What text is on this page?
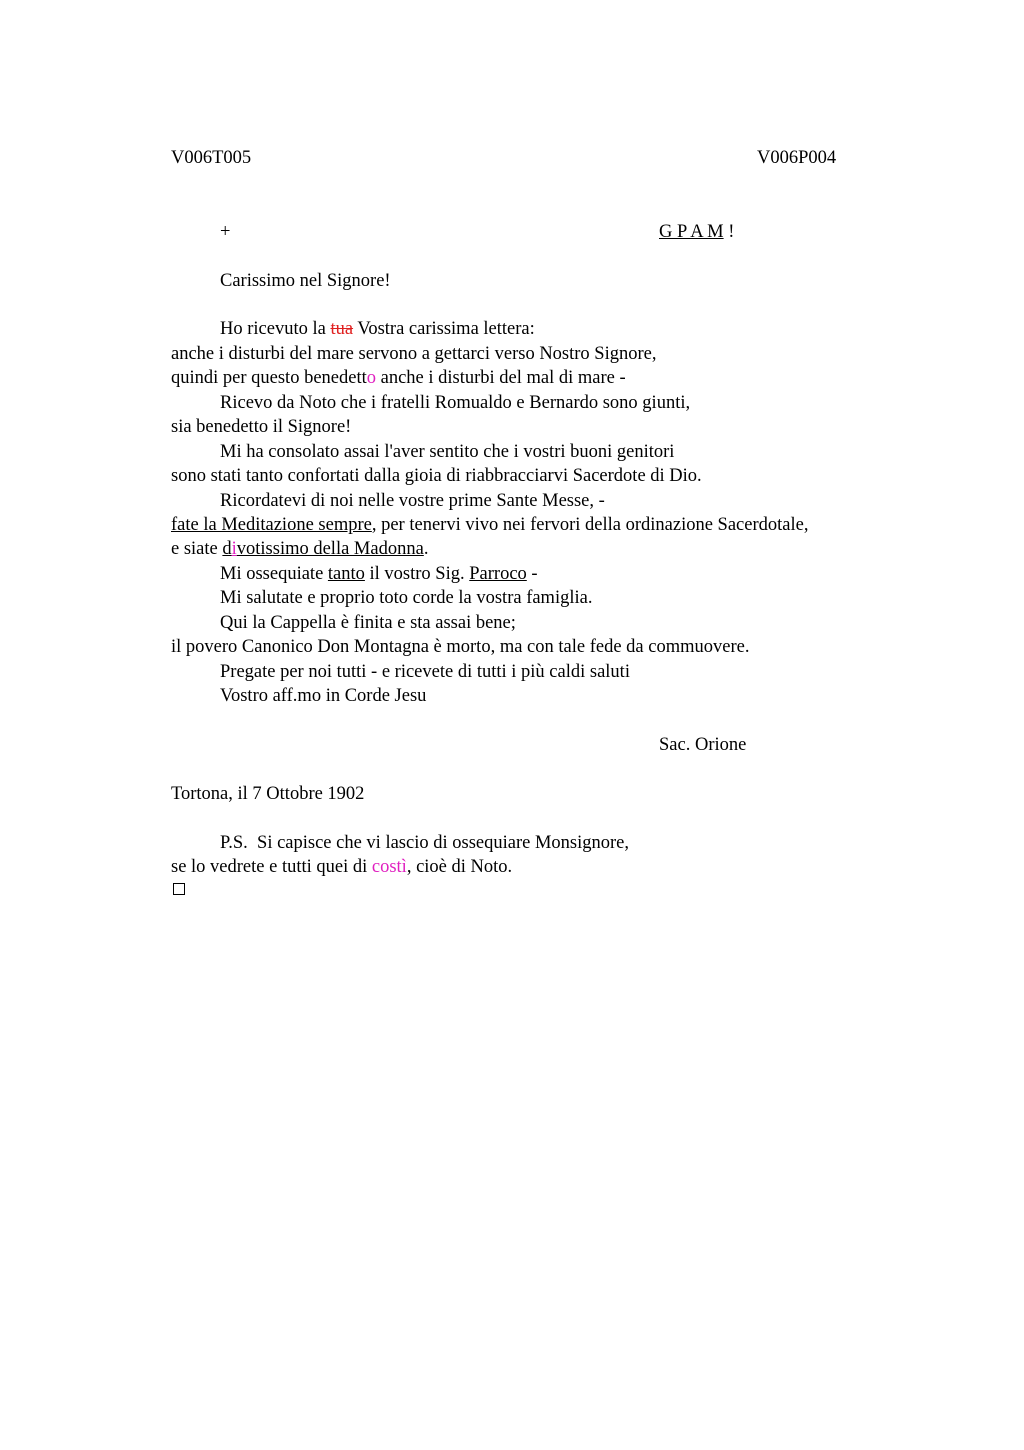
V006T005	V006P004
+	G P A M !
Carissimo nel Signore!
Ho ricevuto la tua Vostra carissima lettera:
anche i disturbi del mare servono a gettarci verso Nostro Signore,
quindi per questo benedetto anche i disturbi del mal di mare -
Ricevo da Noto che i fratelli Romualdo e Bernardo sono giunti,
sia benedetto il Signore!
Mi ha consolato assai l'aver sentito che i vostri buoni genitori
sono stati tanto confortati dalla gioia di riabbracciarvi Sacerdote di Dio.
Ricordatevi di noi nelle vostre prime Sante Messe, -
fate la Meditazione sempre, per tenervi vivo nei fervori della ordinazione Sacerdotale,
e siate divotissimo della Madonna.
Mi ossequiate tanto il vostro Sig. Parroco -
Mi salutate e proprio toto corde la vostra famiglia.
Qui la Cappella è finita e sta assai bene;
il povero Canonico Don Montagna è morto, ma con tale fede da commuovere.
Pregate per noi tutti - e ricevete di tutti i più caldi saluti
Vostro aff.mo in Corde Jesu
Sac. Orione
Tortona, il 7 Ottobre 1902
P.S.  Si capisce che vi lascio di ossequiare Monsignore,
se lo vedrete e tutti quei di costì, cioè di Noto.
